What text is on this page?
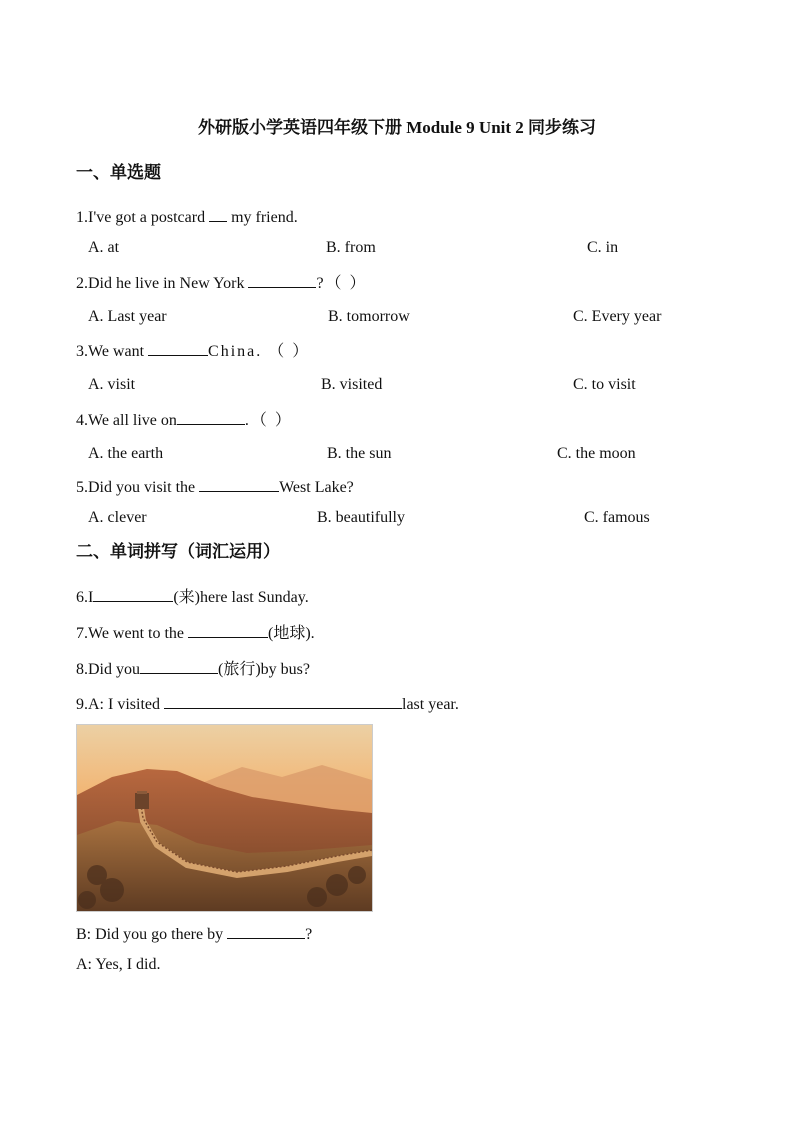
外研版小学英语四年级下册 Module 9 Unit 2 同步练习
一、单选题
1.I've got a postcard  my friend.
A. at	B. from	C. in
2.Did he live in New York	?（ ）
A. Last year	B. tomorrow	C. Every year
3.We want	China. （ ）
A. visit	B. visited	C. to visit
4.We all live on	.（ ）
A. the earth	B. the sun	C. the moon
5.Did you visit the	West Lake?
A. clever	B. beautifully	C. famous
二、单词拼写（词汇运用）
6.I	(来)here last Sunday.
7.We went to the	(地球).
8.Did you	(旅行)by bus?
9.A: I visited	last year.
B: Did you go there by	?
A: Yes, I did.
